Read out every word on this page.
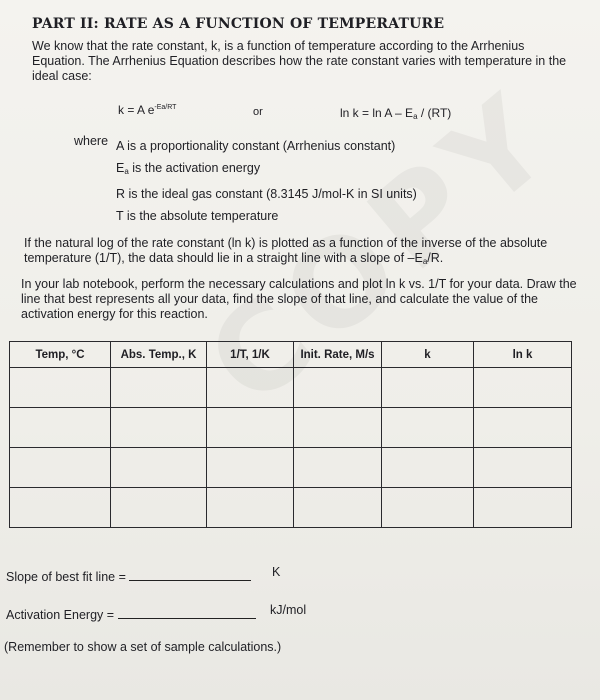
PART II: RATE AS A FUNCTION OF TEMPERATURE
We know that the rate constant, k, is a function of temperature according to the Arrhenius Equation. The Arrhenius Equation describes how the rate constant varies with temperature in the ideal case:
k = A $e^{-Ea/RT}$	or	$\ln k = \ln A - E_a / (RT)$
where A is a proportionality constant (Arrhenius constant)
$E_a$ is the activation energy
R is the ideal gas constant (8.3145 J/mol-K in SI units)
T is the absolute temperature
If the natural log of the rate constant (ln k) is plotted as a function of the inverse of the absolute temperature (1/T), the data should lie in a straight line with a slope of $-E_a/R$.
In your lab notebook, perform the necessary calculations and plot ln k vs. 1/T for your data. Draw the line that best represents all your data, find the slope of that line, and calculate the value of the activation energy for this reaction.
Temp, °C	Abs. Temp., K	1/T, 1/K	Init. Rate, M/s	k	ln k

Slope of best fit line =	K
Activation Energy =	kJ/mol
(Remember to show a set of sample calculations.)
